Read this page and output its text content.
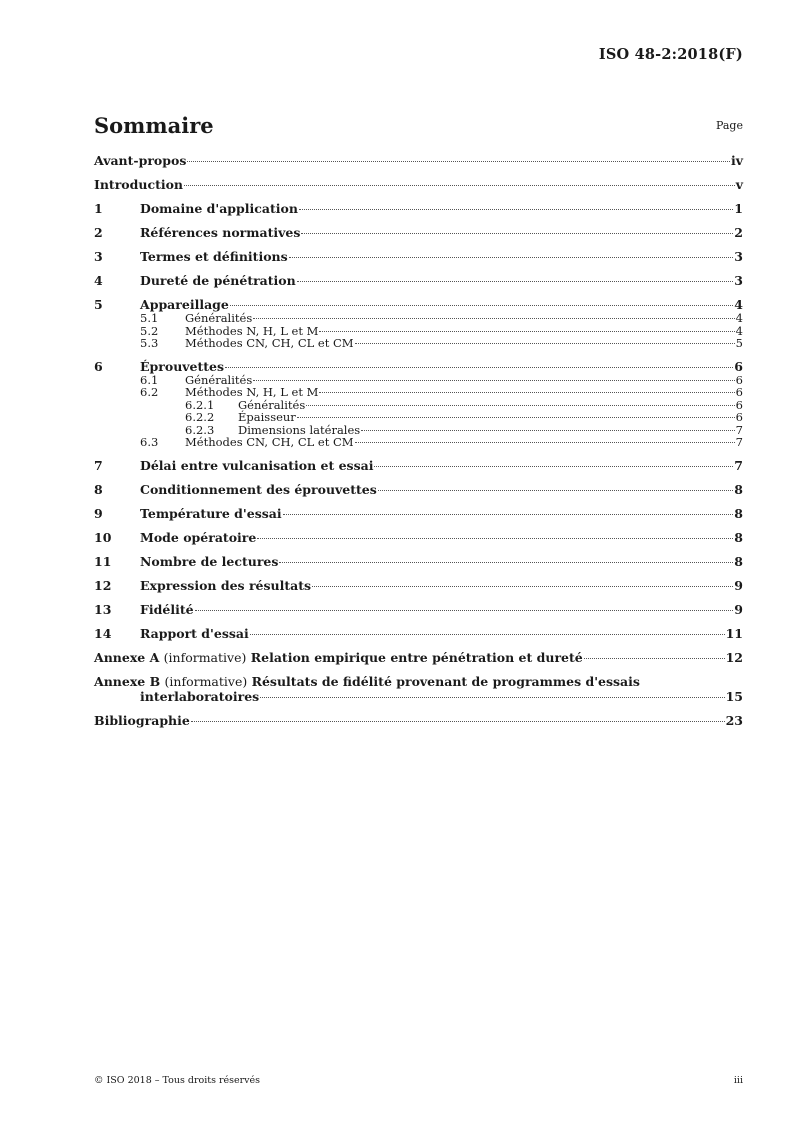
ISO 48-2:2018(F)
Sommaire	Page
Avant-propos	iv
Introduction	v
1	Domaine d'application	1
2	Références normatives	2
3	Termes et définitions	3
4	Dureté de pénétration	3
5	Appareillage	4
5.1	Généralités	4
5.2	Méthodes N, H, L et M	4
5.3	Méthodes CN, CH, CL et CM	5
6	Éprouvettes	6
6.1	Généralités	6
6.2	Méthodes N, H, L et M	6
6.2.1	Généralités	6
6.2.2	Épaisseur	6
6.2.3	Dimensions latérales	7
6.3	Méthodes CN, CH, CL et CM	7
7	Délai entre vulcanisation et essai	7
8	Conditionnement des éprouvettes	8
9	Température d'essai	8
10	Mode opératoire	8
11	Nombre de lectures	8
12	Expression des résultats	9
13	Fidélité	9
14	Rapport d'essai	11
Annexe A (informative) Relation empirique entre pénétration et dureté	12
Annexe B (informative) Résultats de fidélité provenant de programmes d'essais
interlaboratoires	15
Bibliographie	23
© ISO 2018 – Tous droits réservés	iii
